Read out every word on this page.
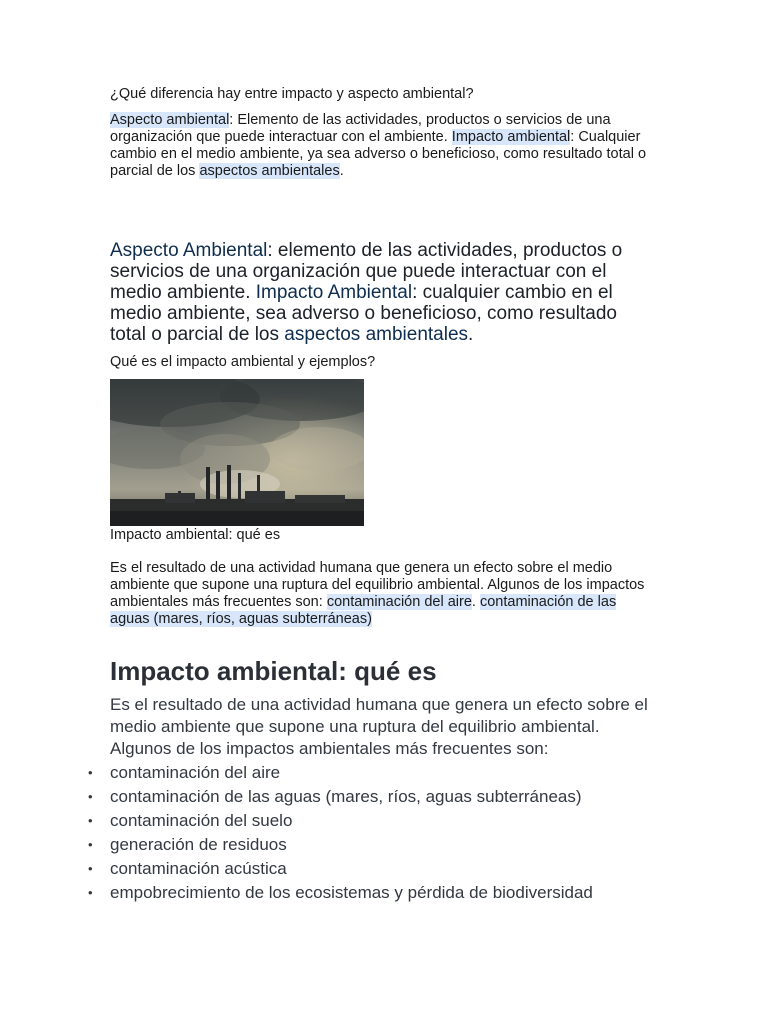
¿Qué diferencia hay entre impacto y aspecto ambiental?

Aspecto ambiental: Elemento de las actividades, productos o servicios de una organización que puede interactuar con el ambiente. Impacto ambiental: Cualquier cambio en el medio ambiente, ya sea adverso o beneficioso, como resultado total o parcial de los aspectos ambientales.

Aspecto Ambiental: elemento de las actividades, productos o servicios de una organización que puede interactuar con el medio ambiente. Impacto Ambiental: cualquier cambio en el medio ambiente, sea adverso o beneficioso, como resultado total o parcial de los aspectos ambientales.

Qué es el impacto ambiental y ejemplos?

Impacto ambiental: qué es

Es el resultado de una actividad humana que genera un efecto sobre el medio ambiente que supone una ruptura del equilibrio ambiental. Algunos de los impactos ambientales más frecuentes son: contaminación del aire. contaminación de las aguas (mares, ríos, aguas subterráneas)

Impacto ambiental: qué es

Es el resultado de una actividad humana que genera un efecto sobre el medio ambiente que supone una ruptura del equilibrio ambiental. Algunos de los impactos ambientales más frecuentes son:

• contaminación del aire
• contaminación de las aguas (mares, ríos, aguas subterráneas)
• contaminación del suelo
• generación de residuos
• contaminación acústica
• empobrecimiento de los ecosistemas y pérdida de biodiversidad
